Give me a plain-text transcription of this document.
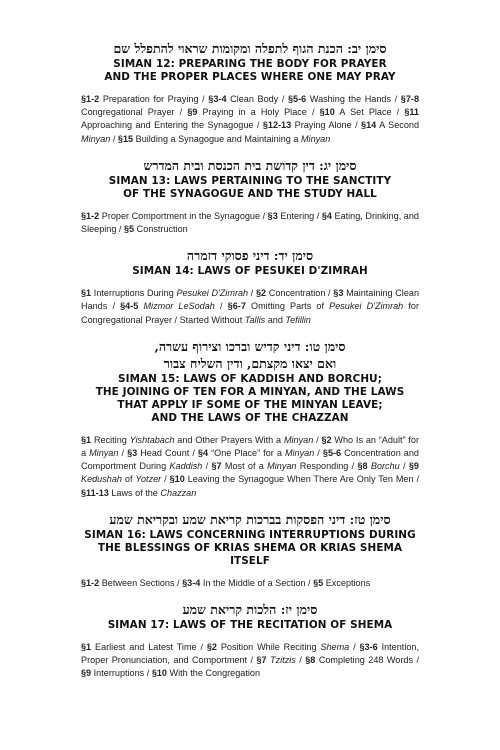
סימן יב: הכנת הגוף לתפלה ומקומות שראוי להתפלל שם
SIMAN 12: PREPARING THE BODY FOR PRAYER
AND THE PROPER PLACES WHERE ONE MAY PRAY
§1-2 Preparation for Praying / §3-4 Clean Body / §5-6 Washing the Hands / §7-8 Congregational Prayer / §9 Praying in a Holy Place / §10 A Set Place / §11 Approaching and Entering the Synagogue / §12-13 Praying Alone / §14 A Second Minyan / §15 Building a Synagogue and Maintaining a Minyan
סימן יג: דין קדושת בית הכנסת ובית המדרש
SIMAN 13: LAWS PERTAINING TO THE SANCTITY
OF THE SYNAGOGUE AND THE STUDY HALL
§1-2 Proper Comportment in the Synagogue / §3 Entering / §4 Eating, Drinking, and Sleeping / §5 Construction
סימן יד: דיני פסוקי דזמרה
SIMAN 14: LAWS OF PESUKEI D'ZIMRAH
§1 Interruptions During Pesukei D'Zimrah / §2 Concentration / §3 Maintaining Clean Hands / §4-5 Mizmor LeSodah / §6-7 Omitting Parts of Pesukei D'Zimrah for Congregational Prayer / Started Without Tallis and Tefillin
סימן טו: דיני קדיש וברכו וצירוף עשרה,
ואם יצאו מקצתם, ודין השליח צבור
SIMAN 15: LAWS OF KADDISH AND BORCHU;
THE JOINING OF TEN FOR A MINYAN, AND THE LAWS
THAT APPLY IF SOME OF THE MINYAN LEAVE;
AND THE LAWS OF THE CHAZZAN
§1 Reciting Yishtabach and Other Prayers With a Minyan / §2 Who Is an “Adult” for a Minyan / §3 Head Count / §4 “One Place” for a Minyan / §5-6 Concentration and Comportment During Kaddish / §7 Most of a Minyan Responding / §8 Borchu / §9 Kedushah of Yotzer / §10 Leaving the Synagogue When There Are Only Ten Men / §11-13 Laws of the Chazzan
סימן טז: דיני הפסקות בברכות קריאת שמע ובקריאת שמע
SIMAN 16: LAWS CONCERNING INTERRUPTIONS DURING
THE BLESSINGS OF KRIAS SHEMA OR KRIAS SHEMA ITSELF
§1-2 Between Sections / §3-4 In the Middle of a Section / §5 Exceptions
סימן יז: הלכות קריאת שמע
SIMAN 17: LAWS OF THE RECITATION OF SHEMA
§1 Earliest and Latest Time / §2 Position While Reciting Shema / §3-6 Intention, Proper Pronunciation, and Comportment / §7 Tzitzis / §8 Completing 248 Words / §9 Interruptions / §10 With the Congregation
